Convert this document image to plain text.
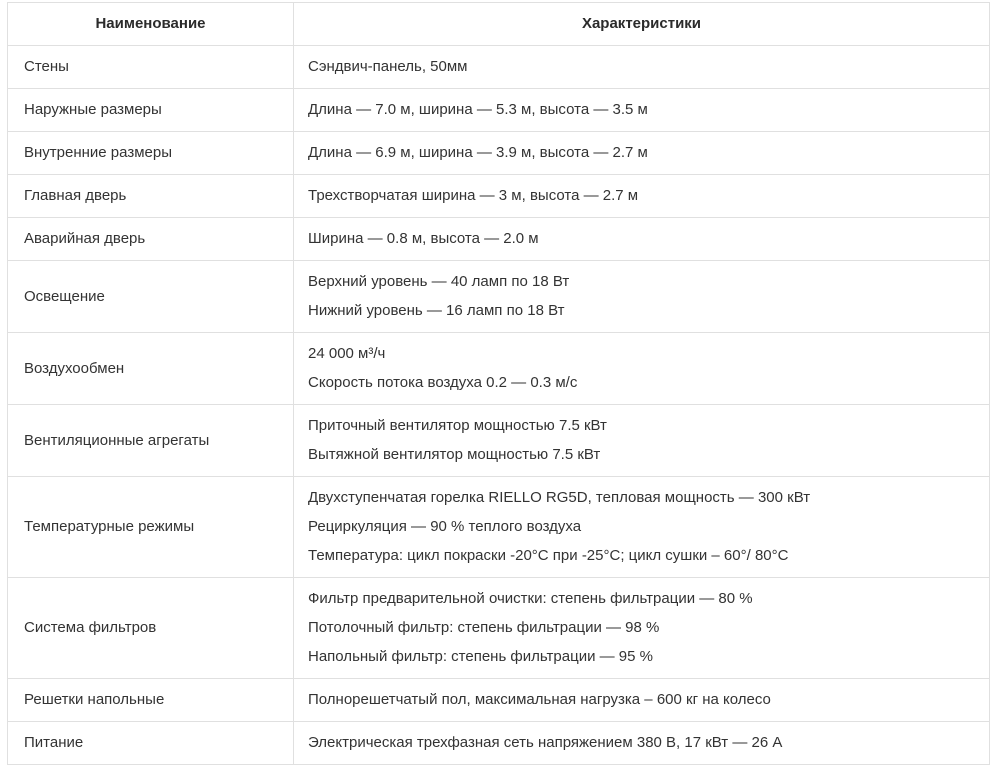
Наименование	Характеристики
Стены	Сэндвич-панель, 50мм

Наружные размеры	Длина — 7.0 м, ширина — 5.3 м, высота — 3.5 м

Внутренние размеры	Длина — 6.9 м, ширина — 3.9 м, высота — 2.7 м

Главная дверь	Трехстворчатая ширина — 3 м, высота — 2.7 м

Аварийная дверь	Ширина — 0.8 м, высота — 2.0 м

Освещение	Верхний уровень — 40 ламп по 18 Вт

Нижний уровень — 16 ламп по 18 Вт

Воздухообмен	24 000 м³/ч

Скорость потока воздуха 0.2 — 0.3 м/с

Вентиляционные агрегаты	Приточный вентилятор мощностью 7.5 кВт

Вытяжной вентилятор мощностью 7.5 кВт

Температурные режимы	Двухступенчатая горелка RIELLO RG5D, тепловая мощность — 300 кВт

Рециркуляция — 90 % теплого воздуха

Температура: цикл покраски -20°С при -25°С; цикл сушки – 60°/ 80°С

Система фильтров	Фильтр предварительной очистки: степень фильтрации — 80 %

Потолочный фильтр: степень фильтрации — 98 %

Напольный фильтр: степень фильтрации — 95 %

Решетки напольные	Полнорешетчатый пол, максимальная нагрузка – 600 кг на колесо

Питание	Электрическая трехфазная сеть напряжением 380 В, 17 кВт — 26 А
